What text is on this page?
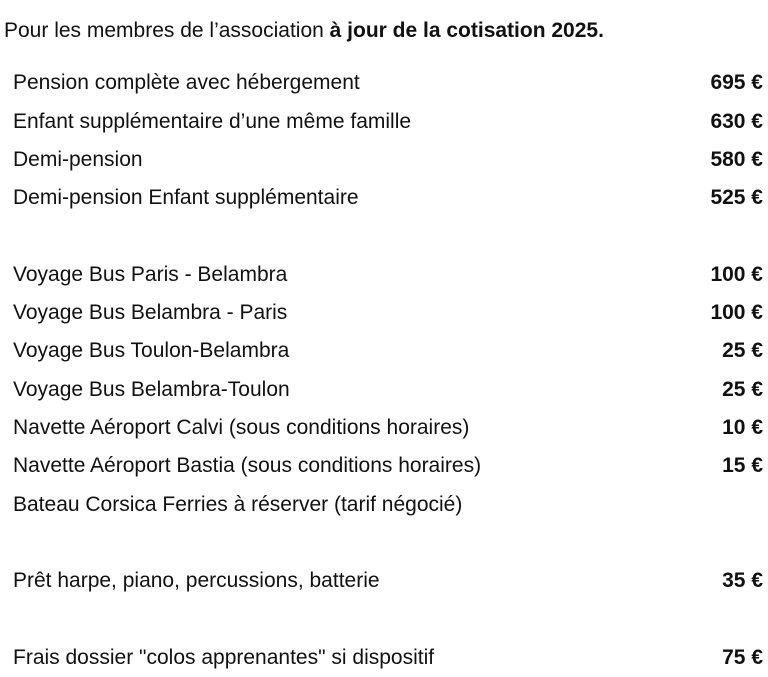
Pour les membres de l’association à jour de la cotisation 2025.
Pension complète avec hébergement	695 €
Enfant supplémentaire d’une même famille	630 €
Demi-pension	580 €
Demi-pension Enfant supplémentaire	525 €
Voyage Bus Paris - Belambra	100 €
Voyage Bus Belambra - Paris	100 €
Voyage Bus Toulon-Belambra	25 €
Voyage Bus Belambra-Toulon	25 €
Navette Aéroport Calvi (sous conditions horaires)	10 €
Navette Aéroport Bastia (sous conditions horaires)	15 €
Bateau Corsica Ferries à réserver (tarif négocié)
Prêt harpe, piano, percussions, batterie	35 €
Frais dossier "colos apprenantes" si dispositif	75 €
